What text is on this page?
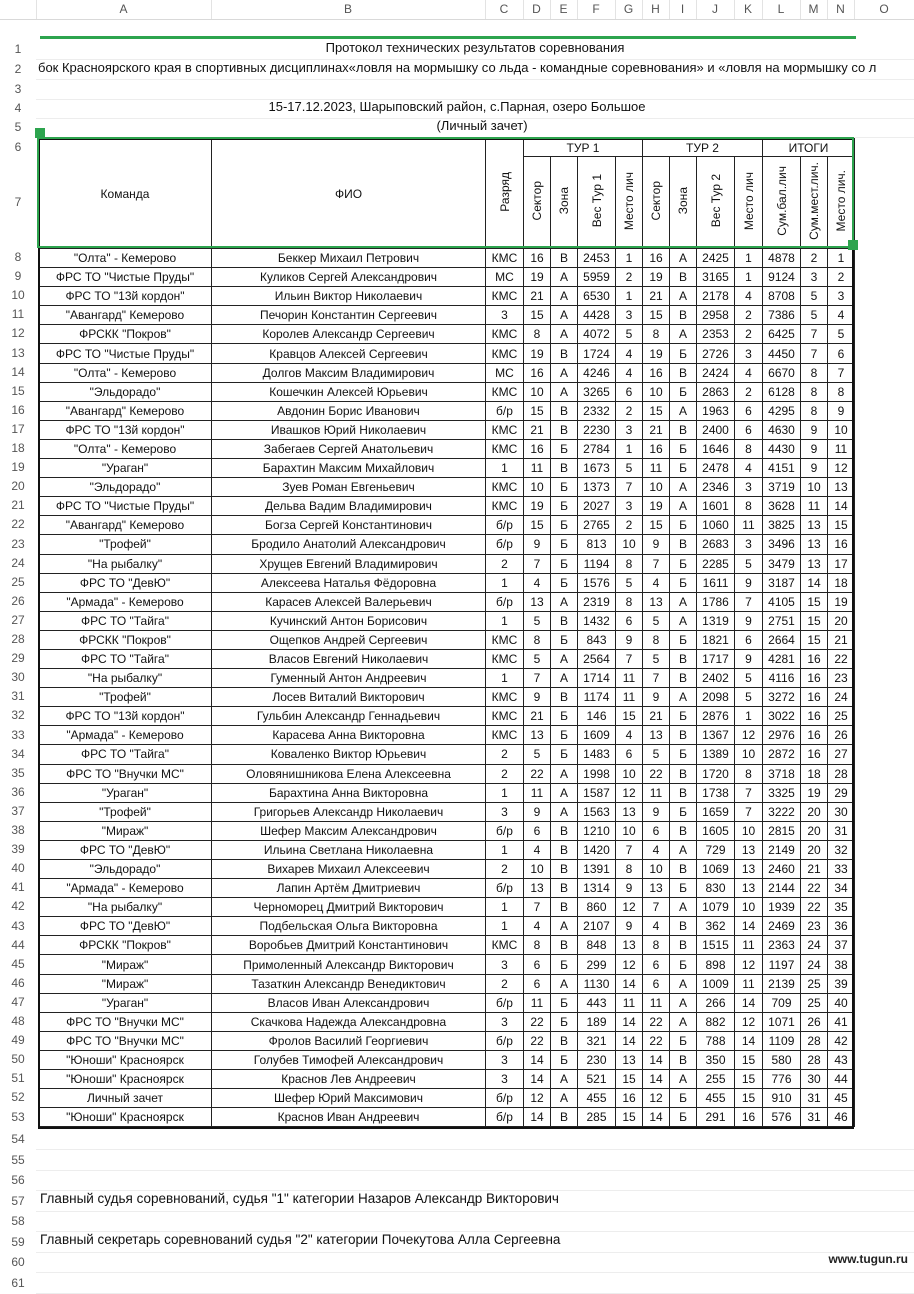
A	B	C	D	E	F	G	H	I	J	K	L	M	N	O
1
2
3
4
5
6
7
8
9
10
11
12
13
14
15
16
17
18
19
20
21
22
23
24
25
26
27
28
29
30
31
32
33
34
35
36
37
38
39
40
41
42
43
44
45
46
47
48
49
50
51
52
53
54
55
56
57
58
59
60
61
Протокол технических результатов соревнования
бок Красноярского края в спортивных дисциплинах«ловля на мормышку со льда - командные соревнования» и «ловля на мормышку со л
15-17.12.2023, Шарыповский район, с.Парная, озеро Большое
(Личный зачет)
Команда	ФИО	Разряд	ТУР 1				ТУР 2				ИТОГИ		
			Сектор	Зона	Вес Тур 1	Место лич	Сектор	Зона	Вес Тур 2	Место лич	Сум.бал.лич	Сум.мест.лич.	Место лич.
"Олта" - Кемерово	Беккер Михаил Петрович	КМС	16	В	2453	1	16	А	2425	1	4878	2	1
ФРС ТО "Чистые Пруды"	Куликов Сергей Александрович	МС	19	А	5959	2	19	В	3165	1	9124	3	2
ФРС ТО "13й кордон"	Ильин Виктор Николаевич	КМС	21	А	6530	1	21	А	2178	4	8708	5	3
"Авангард" Кемерово	Печорин Константин Сергеевич	3	15	А	4428	3	15	В	2958	2	7386	5	4
ФРСКК "Покров"	Королев Александр Сергеевич	КМС	8	А	4072	5	8	А	2353	2	6425	7	5
ФРС ТО "Чистые Пруды"	Кравцов Алексей Сергеевич	КМС	19	В	1724	4	19	Б	2726	3	4450	7	6
"Олта" - Кемерово	Долгов Максим Владимирович	МС	16	А	4246	4	16	В	2424	4	6670	8	7
"Эльдорадо"	Кошечкин Алексей Юрьевич	КМС	10	А	3265	6	10	Б	2863	2	6128	8	8
"Авангард" Кемерово	Авдонин Борис Иванович	б/р	15	В	2332	2	15	А	1963	6	4295	8	9
ФРС ТО "13й кордон"	Ивашков Юрий Николаевич	КМС	21	В	2230	3	21	В	2400	6	4630	9	10
"Олта" - Кемерово	Забегаев Сергей Анатольевич	КМС	16	Б	2784	1	16	Б	1646	8	4430	9	11
"Ураган"	Барахтин Максим Михайлович	1	11	В	1673	5	11	Б	2478	4	4151	9	12
"Эльдорадо"	Зуев Роман Евгеньевич	КМС	10	Б	1373	7	10	А	2346	3	3719	10	13
ФРС ТО "Чистые Пруды"	Дельва Вадим Владимирович	КМС	19	Б	2027	3	19	А	1601	8	3628	11	14
"Авангард" Кемерово	Богза Сергей Константинович	б/р	15	Б	2765	2	15	Б	1060	11	3825	13	15
"Трофей"	Бродило Анатолий Александрович	б/р	9	Б	813	10	9	В	2683	3	3496	13	16
"На рыбалку"	Хрущев Евгений Владимирович	2	7	Б	1194	8	7	Б	2285	5	3479	13	17
ФРС ТО "ДевЮ"	Алексеева Наталья Фёдоровна	1	4	Б	1576	5	4	Б	1611	9	3187	14	18
"Армада" - Кемерово	Карасев Алексей Валерьевич	б/р	13	А	2319	8	13	А	1786	7	4105	15	19
ФРС ТО "Тайга"	Кучинский Антон Борисович	1	5	В	1432	6	5	А	1319	9	2751	15	20
ФРСКК "Покров"	Ощепков Андрей Сергеевич	КМС	8	Б	843	9	8	Б	1821	6	2664	15	21
ФРС ТО "Тайга"	Власов Евгений Николаевич	КМС	5	А	2564	7	5	В	1717	9	4281	16	22
"На рыбалку"	Гуменный Антон Андреевич	1	7	А	1714	11	7	В	2402	5	4116	16	23
"Трофей"	Лосев Виталий Викторович	КМС	9	В	1174	11	9	А	2098	5	3272	16	24
ФРС ТО "13й кордон"	Гульбин Александр Геннадьевич	КМС	21	Б	146	15	21	Б	2876	1	3022	16	25
"Армада" - Кемерово	Карасева Анна Викторовна	КМС	13	Б	1609	4	13	В	1367	12	2976	16	26
ФРС ТО "Тайга"	Коваленко Виктор Юрьевич	2	5	Б	1483	6	5	Б	1389	10	2872	16	27
ФРС ТО "Внучки МС"	Оловянишникова Елена Алексеевна	2	22	А	1998	10	22	В	1720	8	3718	18	28
"Ураган"	Барахтина Анна Викторовна	1	11	А	1587	12	11	В	1738	7	3325	19	29
"Трофей"	Григорьев Александр Николаевич	3	9	А	1563	13	9	Б	1659	7	3222	20	30
"Мираж"	Шефер Максим Александрович	б/р	6	В	1210	10	6	В	1605	10	2815	20	31
ФРС ТО "ДевЮ"	Ильина Светлана Николаевна	1	4	В	1420	7	4	А	729	13	2149	20	32
"Эльдорадо"	Вихарев Михаил Алексеевич	2	10	В	1391	8	10	В	1069	13	2460	21	33
"Армада" - Кемерово	Лапин Артём Дмитриевич	б/р	13	В	1314	9	13	Б	830	13	2144	22	34
"На рыбалку"	Черноморец Дмитрий Викторович	1	7	В	860	12	7	А	1079	10	1939	22	35
ФРС ТО "ДевЮ"	Подбельская Ольга Викторовна	1	4	А	2107	9	4	В	362	14	2469	23	36
ФРСКК "Покров"	Воробьев Дмитрий Константинович	КМС	8	В	848	13	8	В	1515	11	2363	24	37
"Мираж"	Примоленный Александр Викторович	3	6	Б	299	12	6	Б	898	12	1197	24	38
"Мираж"	Тазаткин Александр Венедиктович	2	6	А	1130	14	6	А	1009	11	2139	25	39
"Ураган"	Власов Иван Александрович	б/р	11	Б	443	11	11	А	266	14	709	25	40
ФРС ТО "Внучки МС"	Скачкова Надежда Александровна	3	22	Б	189	14	22	А	882	12	1071	26	41
ФРС ТО "Внучки МС"	Фролов Василий Георгиевич	б/р	22	В	321	14	22	Б	788	14	1109	28	42
"Юноши" Красноярск	Голубев Тимофей Александрович	3	14	Б	230	13	14	В	350	15	580	28	43
"Юноши" Красноярск	Краснов Лев Андреевич	3	14	А	521	15	14	А	255	15	776	30	44
Личный зачет	Шефер Юрий Максимович	б/р	12	А	455	16	12	Б	455	15	910	31	45
"Юноши" Красноярск	Краснов Иван Андреевич	б/р	14	В	285	15	14	Б	291	16	576	31	46
Главный судья соревнований, судья "1" категории Назаров Александр Викторович
Главный секретарь соревнований судья "2" категории Почекутова Алла Сергеевна
www.tugun.ru
